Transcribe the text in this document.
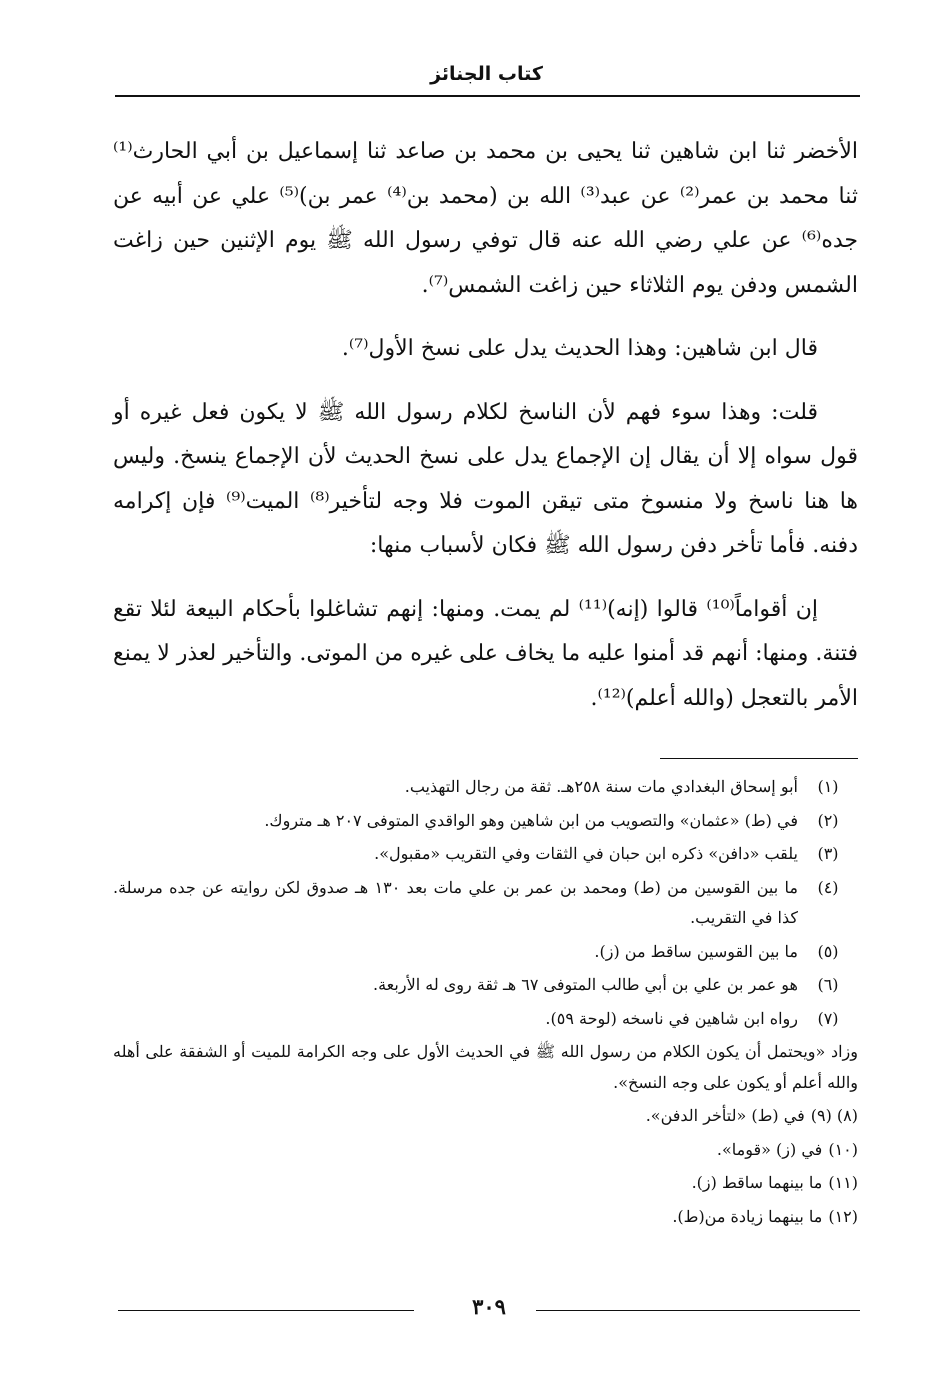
كتاب الجنائز

الأخضر ثنا ابن شاهين ثنا يحيى بن محمد بن صاعد ثنا إسماعيل بن أبي الحارث⁽¹⁾ ثنا محمد بن عمر⁽²⁾ عن عبد⁽³⁾ الله بن (محمد بن⁽⁴⁾ عمر بن)⁽⁵⁾ علي عن أبيه عن جده⁽⁶⁾ عن علي رضي الله عنه قال توفي رسول الله ﷺ يوم الإثنين حين زاغت الشمس ودفن يوم الثلاثاء حين زاغت الشمس⁽⁷⁾.

قال ابن شاهين: وهذا الحديث يدل على نسخ الأول⁽⁷⁾.

قلت: وهذا سوء فهم لأن الناسخ لكلام رسول الله ﷺ لا يكون فعل غيره أو قول سواه إلا أن يقال إن الإجماع يدل على نسخ الحديث لأن الإجماع ينسخ. وليس ها هنا ناسخ ولا منسوخ متى تيقن الموت فلا وجه لتأخير⁽⁸⁾ الميت⁽⁹⁾ فإن إكرامه دفنه. فأما تأخر دفن رسول الله ﷺ فكان لأسباب منها:

إن أقواماً⁽¹⁰⁾ قالوا (إنه)⁽¹¹⁾ لم يمت. ومنها: إنهم تشاغلوا بأحكام البيعة لئلا تقع فتنة. ومنها: أنهم قد أمنوا عليه ما يخاف على غيره من الموتى. والتأخير لعذر لا يمنع الأمر بالتعجل (والله أعلم)⁽¹²⁾.

(١)
أبو إسحاق البغدادي مات سنة ٢٥٨هـ. ثقة من رجال التهذيب.
(٢)
في (ط) «عثمان» والتصويب من ابن شاهين وهو الواقدي المتوفى ٢٠٧ هـ متروك.
(٣)
يلقب «دافن» ذكره ابن حبان في الثقات وفي التقريب «مقبول».
(٤)
ما بين القوسين من (ط) ومحمد بن عمر بن علي مات بعد ١٣٠ هـ صدوق لكن روايته عن جده مرسلة. كذا في التقريب.
(٥)
ما بين القوسين ساقط من (ز).
(٦)
هو عمر بن علي بن أبي طالب المتوفى ٦٧ هـ ثقة روى له الأربعة.
(٧)
رواه ابن شاهين في ناسخه (لوحة ٥٩).
وزاد «ويحتمل أن يكون الكلام من رسول الله ﷺ في الحديث الأول على وجه الكرامة للميت أو الشفقة على أهله والله أعلم أو يكون على وجه النسخ».
(٨) (٩)
في (ط) «لتأخر الدفن».
(١٠)
في (ز) «قوما».
(١١)
ما بينهما ساقط (ز).
(١٢)
ما بينهما زيادة من(ط).
٣٠٩
